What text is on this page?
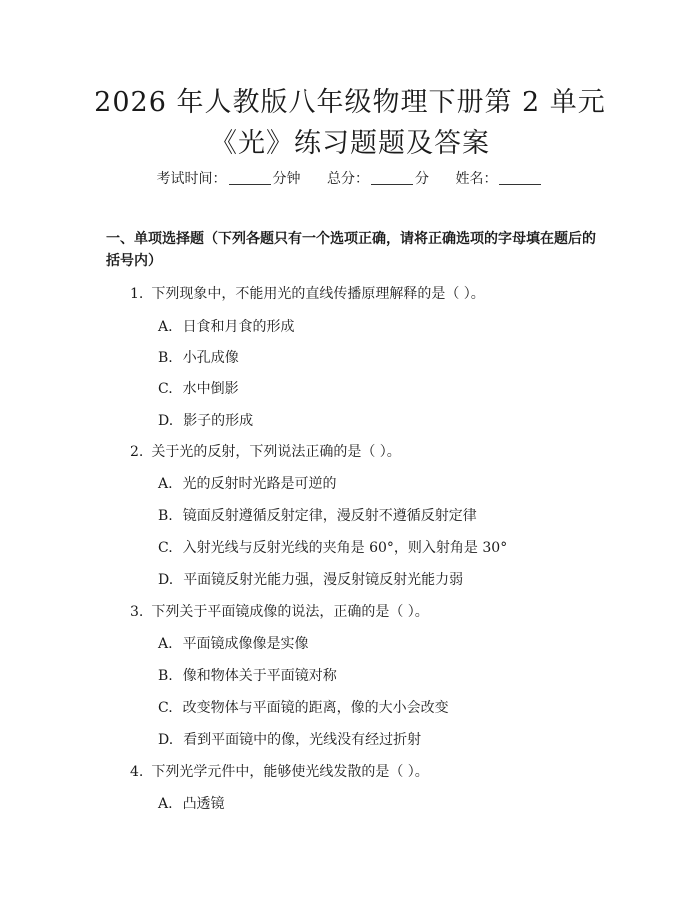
2026 年人教版八年级物理下册第 2 单元
《光》练习题题及答案
考试时间：	分钟 总分：	分 姓名：
一、单项选择题（下列各题只有一个选项正确，请将正确选项的字母填在题后的括号内）
1. 下列现象中，不能用光的直线传播原理解释的是（ ）。
A. 日食和月食的形成
B. 小孔成像
C. 水中倒影
D. 影子的形成
2. 关于光的反射，下列说法正确的是（ ）。
A. 光的反射时光路是可逆的
B. 镜面反射遵循反射定律，漫反射不遵循反射定律
C. 入射光线与反射光线的夹角是 60°，则入射角是 30°
D. 平面镜反射光能力强，漫反射镜反射光能力弱
3. 下列关于平面镜成像的说法，正确的是（ ）。
A. 平面镜成像像是实像
B. 像和物体关于平面镜对称
C. 改变物体与平面镜的距离，像的大小会改变
D. 看到平面镜中的像，光线没有经过折射
4. 下列光学元件中，能够使光线发散的是（ ）。
A. 凸透镜
